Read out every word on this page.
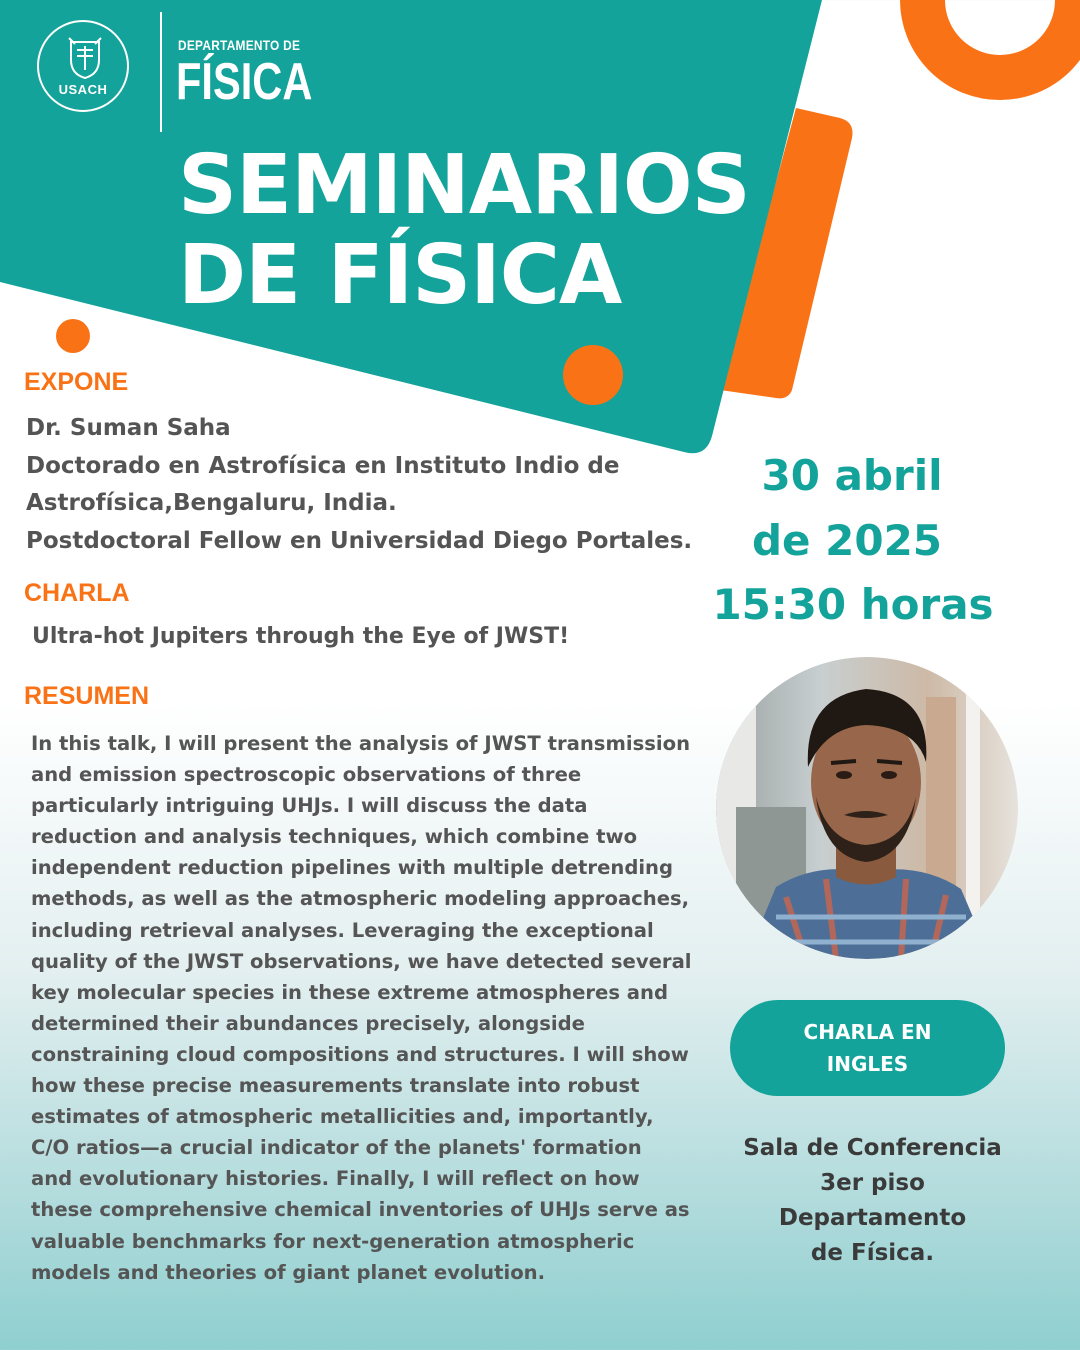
USACH
DEPARTAMENTO DE
FÍSICA
SEMINARIOS
DE FÍSICA
EXPONE
Dr. Suman Saha
Doctorado en Astrofísica en Instituto Indio de
Astrofísica,Bengaluru, India.
Postdoctoral Fellow en Universidad Diego Portales.
CHARLA
Ultra-hot Jupiters through the Eye of JWST!
RESUMEN
In this talk, I will present the analysis of JWST transmission
and emission spectroscopic observations of three
particularly intriguing UHJs. I will discuss the data
reduction and analysis techniques, which combine two
independent reduction pipelines with multiple detrending
methods, as well as the atmospheric modeling approaches,
including retrieval analyses. Leveraging the exceptional
quality of the JWST observations, we have detected several
key molecular species in these extreme atmospheres and
determined their abundances precisely, alongside
constraining cloud compositions and structures. I will show
how these precise measurements translate into robust
estimates of atmospheric metallicities and, importantly,
C/O ratios—a crucial indicator of the planets' formation
and evolutionary histories. Finally, I will reflect on how
these comprehensive chemical inventories of UHJs serve as
valuable benchmarks for next-generation atmospheric
models and theories of giant planet evolution.
30 abril
de 2025
15:30 horas
CHARLA EN INGLES
Sala de Conferencia
3er piso
Departamento
de Física.
